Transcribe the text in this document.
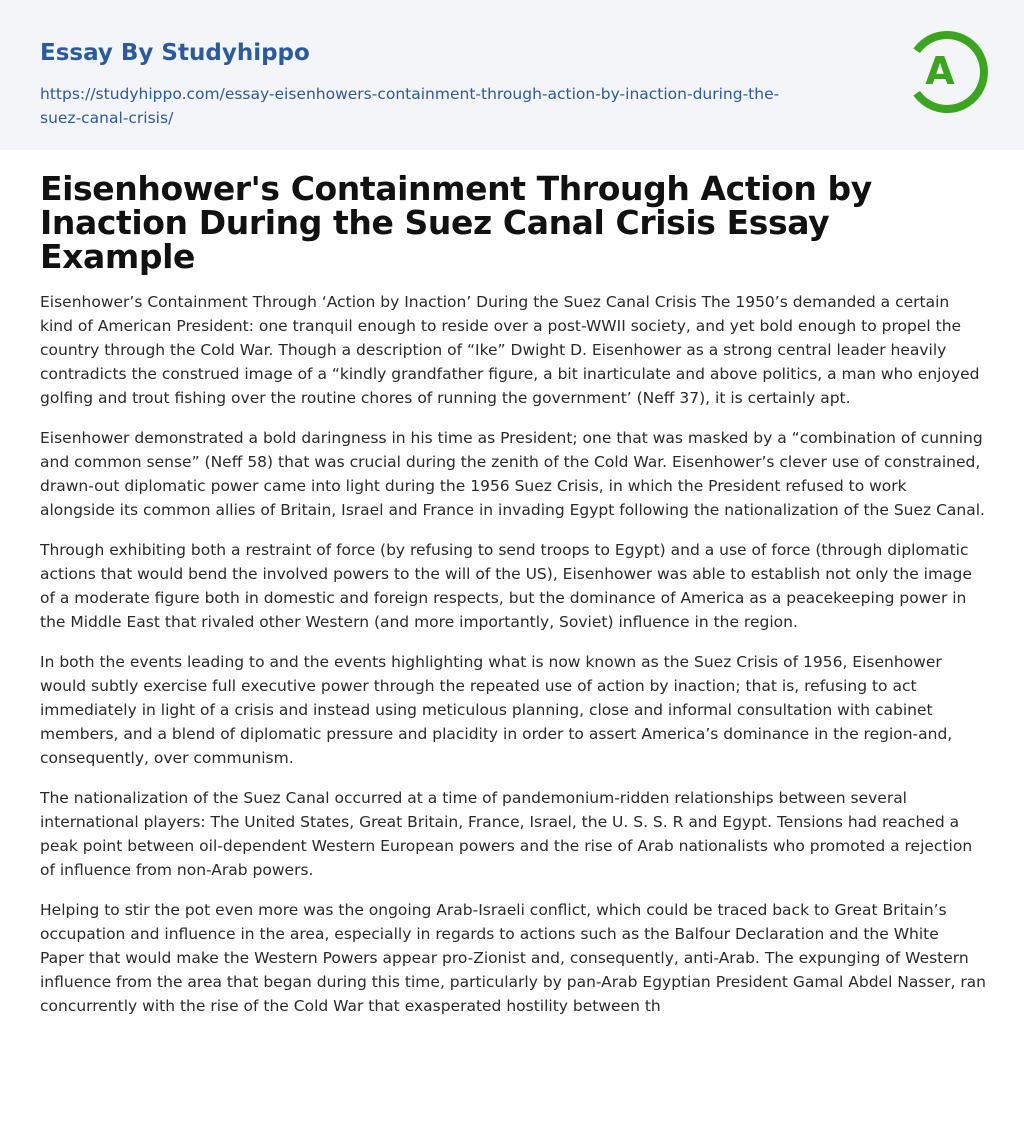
Essay By Studyhippo
https://studyhippo.com/essay-eisenhowers-containment-through-action-by-inaction-during-the-suez-canal-crisis/
A
Eisenhower's Containment Through Action by Inaction During the Suez Canal Crisis Essay Example

Eisenhower’s Containment Through ‘Action by Inaction’ During the Suez Canal Crisis The 1950’s demanded a certain kind of American President: one tranquil enough to reside over a post-WWII society, and yet bold enough to propel the country through the Cold War. Though a description of “Ike” Dwight D. Eisenhower as a strong central leader heavily contradicts the construed image of a “kindly grandfather figure, a bit inarticulate and above politics, a man who enjoyed golfing and trout fishing over the routine chores of running the government’ (Neff 37), it is certainly apt.

Eisenhower demonstrated a bold daringness in his time as President; one that was masked by a “combination of cunning and common sense” (Neff 58) that was crucial during the zenith of the Cold War. Eisenhower’s clever use of constrained, drawn-out diplomatic power came into light during the 1956 Suez Crisis, in which the President refused to work alongside its common allies of Britain, Israel and France in invading Egypt following the nationalization of the Suez Canal.

Through exhibiting both a restraint of force (by refusing to send troops to Egypt) and a use of force (through diplomatic actions that would bend the involved powers to the will of the US), Eisenhower was able to establish not only the image of a moderate figure both in domestic and foreign respects, but the dominance of America as a peacekeeping power in the Middle East that rivaled other Western (and more importantly, Soviet) influence in the region.

In both the events leading to and the events highlighting what is now known as the Suez Crisis of 1956, Eisenhower would subtly exercise full executive power through the repeated use of action by inaction; that is, refusing to act immediately in light of a crisis and instead using meticulous planning, close and informal consultation with cabinet members, and a blend of diplomatic pressure and placidity in order to assert America’s dominance in the region-and, consequently, over communism.

The nationalization of the Suez Canal occurred at a time of pandemonium-ridden relationships between several international players: The United States, Great Britain, France, Israel, the U. S. S. R and Egypt. Tensions had reached a peak point between oil-dependent Western European powers and the rise of Arab nationalists who promoted a rejection of influence from non-Arab powers.

Helping to stir the pot even more was the ongoing Arab-Israeli conflict, which could be traced back to Great Britain’s occupation and influence in the area, especially in regards to actions such as the Balfour Declaration and the White Paper that would make the Western Powers appear pro-Zionist and, consequently, anti-Arab. The expunging of Western influence from the area that began during this time, particularly by pan-Arab Egyptian President Gamal Abdel Nasser, ran concurrently with the rise of the Cold War that exasperated hostility between th
